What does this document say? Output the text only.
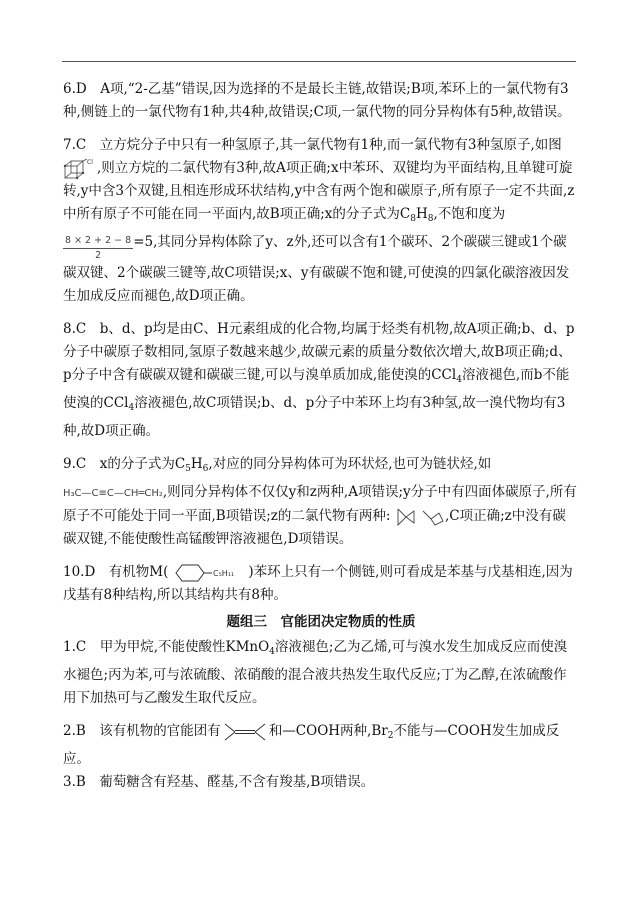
6.D　A项,“2-乙基”错误,因为选择的不是最长主链,故错误;B项,苯环上的一氯代物有3种,侧链上的一氯代物有1种,共4种,故错误;C项,一氯代物的同分异构体有5种,故错误。

7.C　立方烷分子中只有一种氢原子,其一氯代物有1种,而一氯代物有3种氢原子,如图

Cl ,则立方烷的二氯代物有3种,故A项正确;x中苯环、双键均为平面结构,且单键可旋转,y中含3个双键,且相连形成环状结构,y中含有两个饱和碳原子,所有原子一定不共面,z中所有原子不可能在同一平面内,故B项正确;x的分子式为$C_8H_8$,不饱和度为

$\frac{8 \times 2 + 2 - 8}{2} =5$,其同分异构体除了y、z外,还可以含有1个碳环、2个碳碳三键或1个碳碳双键、2个碳碳三键等,故C项错误;x、y有碳碳不饱和键,可使溴的四氯化碳溶液因发生加成反应而褪色,故D项正确。

8.C　b、d、p均是由C、H元素组成的化合物,均属于烃类有机物,故A项正确;b、d、p分子中碳原子数相同,氢原子数越来越少,故碳元素的质量分数依次增大,故B项正确;d、p分子中含有碳碳双键和碳碳三键,可以与溴单质加成,能使溴的CCl$_4$溶液褪色,而b不能使溴的CCl$_4$溶液褪色,故C项错误;b、d、p分子中苯环上均有3种氢,故一溴代物均有3种,故D项正确。

9.C　x的分子式为$C_5H_6$,对应的同分异构体可为环状烃,也可为链状烃,如
H₃C—C≡C—CH═CH₂,则同分异构体不仅仅y和z两种,A项错误;y分子中有四面体碳原子,所有原子不可能处于同一平面,B项错误;z的二氯代物有两种:	,C项正确;z中没有碳碳双键,不能使酸性高锰酸钾溶液褪色,D项错误。

10.D　有机物M(	C₅H₁₁ )苯环上只有一个侧链,则可看成是苯基与戊基相连,因为戊基有8种结构,所以其结构共有8种。

题组三　官能团决定物质的性质

1.C　甲为甲烷,不能使酸性KMnO$_4$溶液褪色;乙为乙烯,可与溴水发生加成反应而使溴水褪色;丙为苯,可与浓硫酸、浓硝酸的混合液共热发生取代反应;丁为乙醇,在浓硫酸作用下加热可与乙酸发生取代反应。

2.B　该有机物的官能团有	和—COOH两种$,Br_2$不能与—COOH发生加成反应。

3.B　葡萄糖含有羟基、醛基,不含有羧基,B项错误。
